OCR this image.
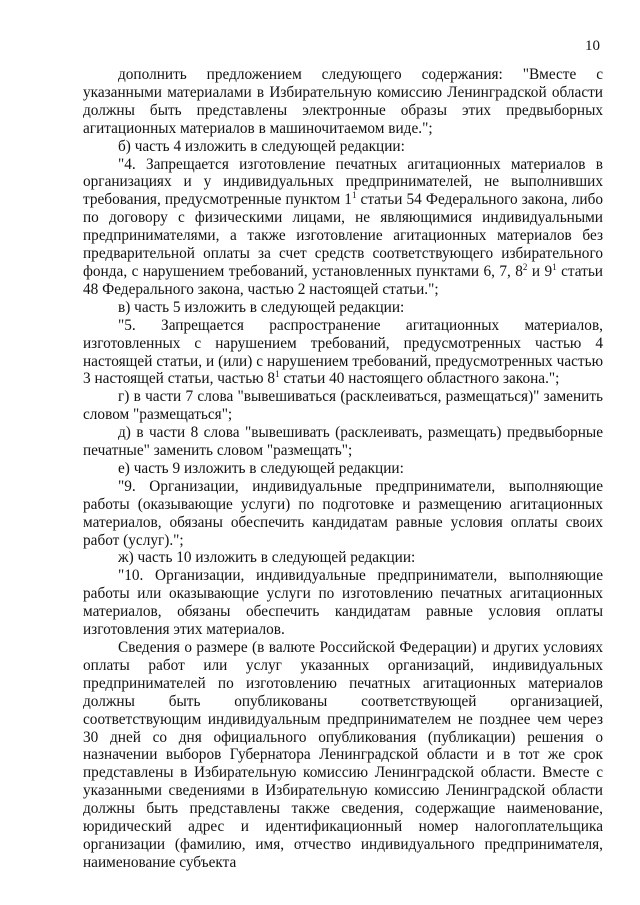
10

дополнить предложением следующего содержания: "Вместе с указанными материалами в Избирательную комиссию Ленинградской области должны быть представлены электронные образы этих предвыборных агитационных материалов в машиночитаемом виде.";

б) часть 4 изложить в следующей редакции:

"4. Запрещается изготовление печатных агитационных материалов в организациях и у индивидуальных предпринимателей, не выполнивших требования, предусмотренные пунктом $1^1$ статьи 54 Федерального закона, либо по договору с физическими лицами, не являющимися индивидуальными предпринимателями, а также изготовление агитационных материалов без предварительной оплаты за счет средств соответствующего избирательного фонда, с нарушением требований, установленных пунктами 6, 7, $8^2$ и $9^1$ статьи 48 Федерального закона, частью 2 настоящей статьи.";

в) часть 5 изложить в следующей редакции:

"5. Запрещается распространение агитационных материалов, изготовленных с нарушением требований, предусмотренных частью 4 настоящей статьи, и (или) с нарушением требований, предусмотренных частью 3 настоящей статьи, частью $8^1$ статьи 40 настоящего областного закона.";

г) в части 7 слова "вывешиваться (расклеиваться, размещаться)" заменить словом "размещаться";

д) в части 8 слова "вывешивать (расклеивать, размещать) предвыборные печатные" заменить словом "размещать";

е) часть 9 изложить в следующей редакции:

"9. Организации, индивидуальные предприниматели, выполняющие работы (оказывающие услуги) по подготовке и размещению агитационных материалов, обязаны обеспечить кандидатам равные условия оплаты своих работ (услуг).";

ж) часть 10 изложить в следующей редакции:

"10. Организации, индивидуальные предприниматели, выполняющие работы или оказывающие услуги по изготовлению печатных агитационных материалов, обязаны обеспечить кандидатам равные условия оплаты изготовления этих материалов.

Сведения о размере (в валюте Российской Федерации) и других условиях оплаты работ или услуг указанных организаций, индивидуальных предпринимателей по изготовлению печатных агитационных материалов должны быть опубликованы соответствующей организацией, соответствующим индивидуальным предпринимателем не позднее чем через 30 дней со дня официального опубликования (публикации) решения о назначении выборов Губернатора Ленинградской области и в тот же срок представлены в Избирательную комиссию Ленинградской области. Вместе с указанными сведениями в Избирательную комиссию Ленинградской области должны быть представлены также сведения, содержащие наименование, юридический адрес и идентификационный номер налогоплательщика организации (фамилию, имя, отчество индивидуального предпринимателя, наименование субъекта
